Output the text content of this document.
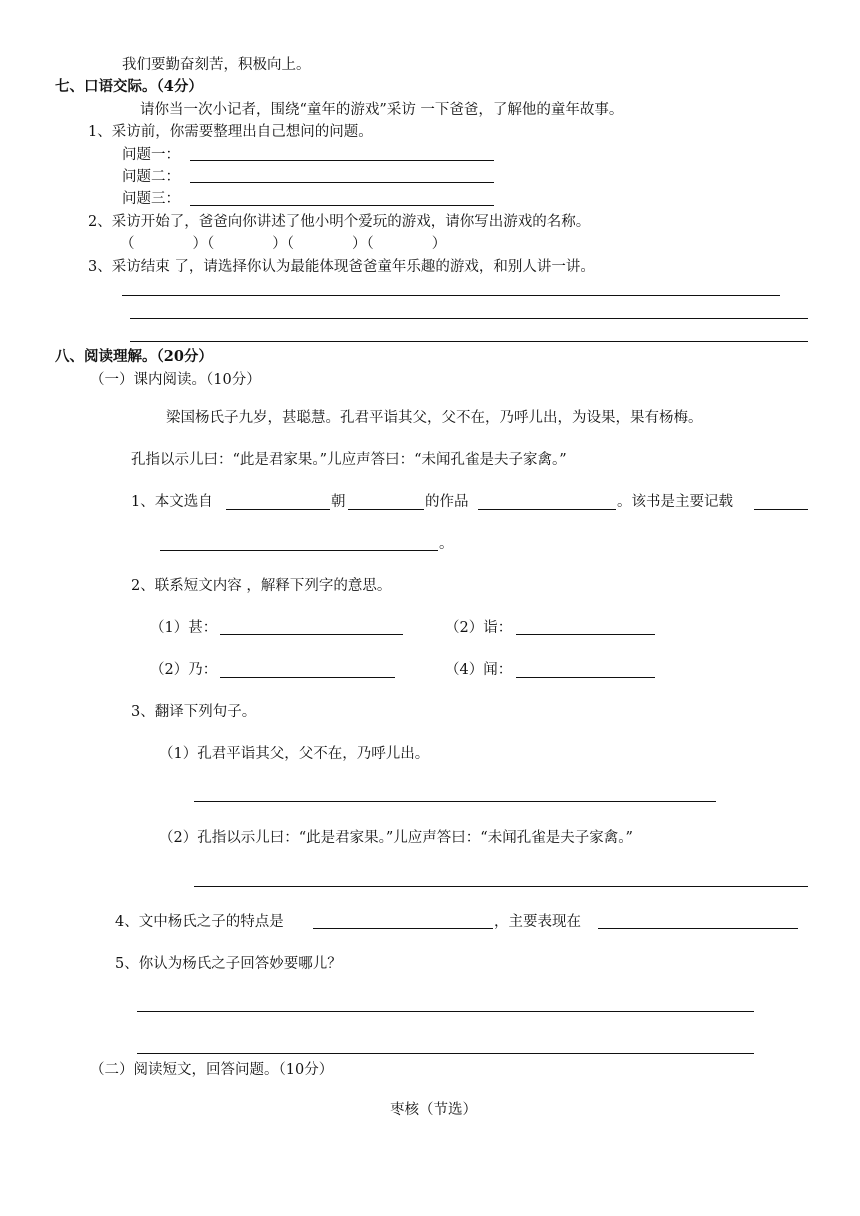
我们要勤奋刻苦，积极向上。
七、口语交际。（4分）
请你当一次小记者，围绕“童年的游戏”采访 一下爸爸，了解他的童年故事。
1、采访前，你需要整理出自己想问的问题。
问题一：
问题二：
问题三：
2、采访开始了，爸爸向你讲述了他小明个爱玩的游戏，请你写出游戏的名称。
（　　　　）（　　　　）（　　　　）（　　　　）
3、采访结束 了，请选择你认为最能体现爸爸童年乐趣的游戏，和别人讲一讲。
八、阅读理解。（20分）
（一）课内阅读。（10分）
梁国杨氏子九岁，甚聪慧。孔君平诣其父，父不在，乃呼儿出，为设果，果有杨梅。
孔指以示儿曰：“此是君家果。”儿应声答曰：“未闻孔雀是夫子家禽。”
1、本文选自	朝	的作品	。该书是主要记载
。
2、联系短文内容 ，解释下列字的意思。
（1）甚：	（2）诣：
（2）乃：	（4）闻：
3、翻译下列句子。
（1）孔君平诣其父，父不在，乃呼儿出。
（2）孔指以示儿曰：“此是君家果。”儿应声答曰：“未闻孔雀是夫子家禽。”
4、文中杨氏之子的特点是	，主要表现在
5、你认为杨氏之子回答妙要哪儿？
（二）阅读短文，回答问题。（10分）
枣核（节选）
